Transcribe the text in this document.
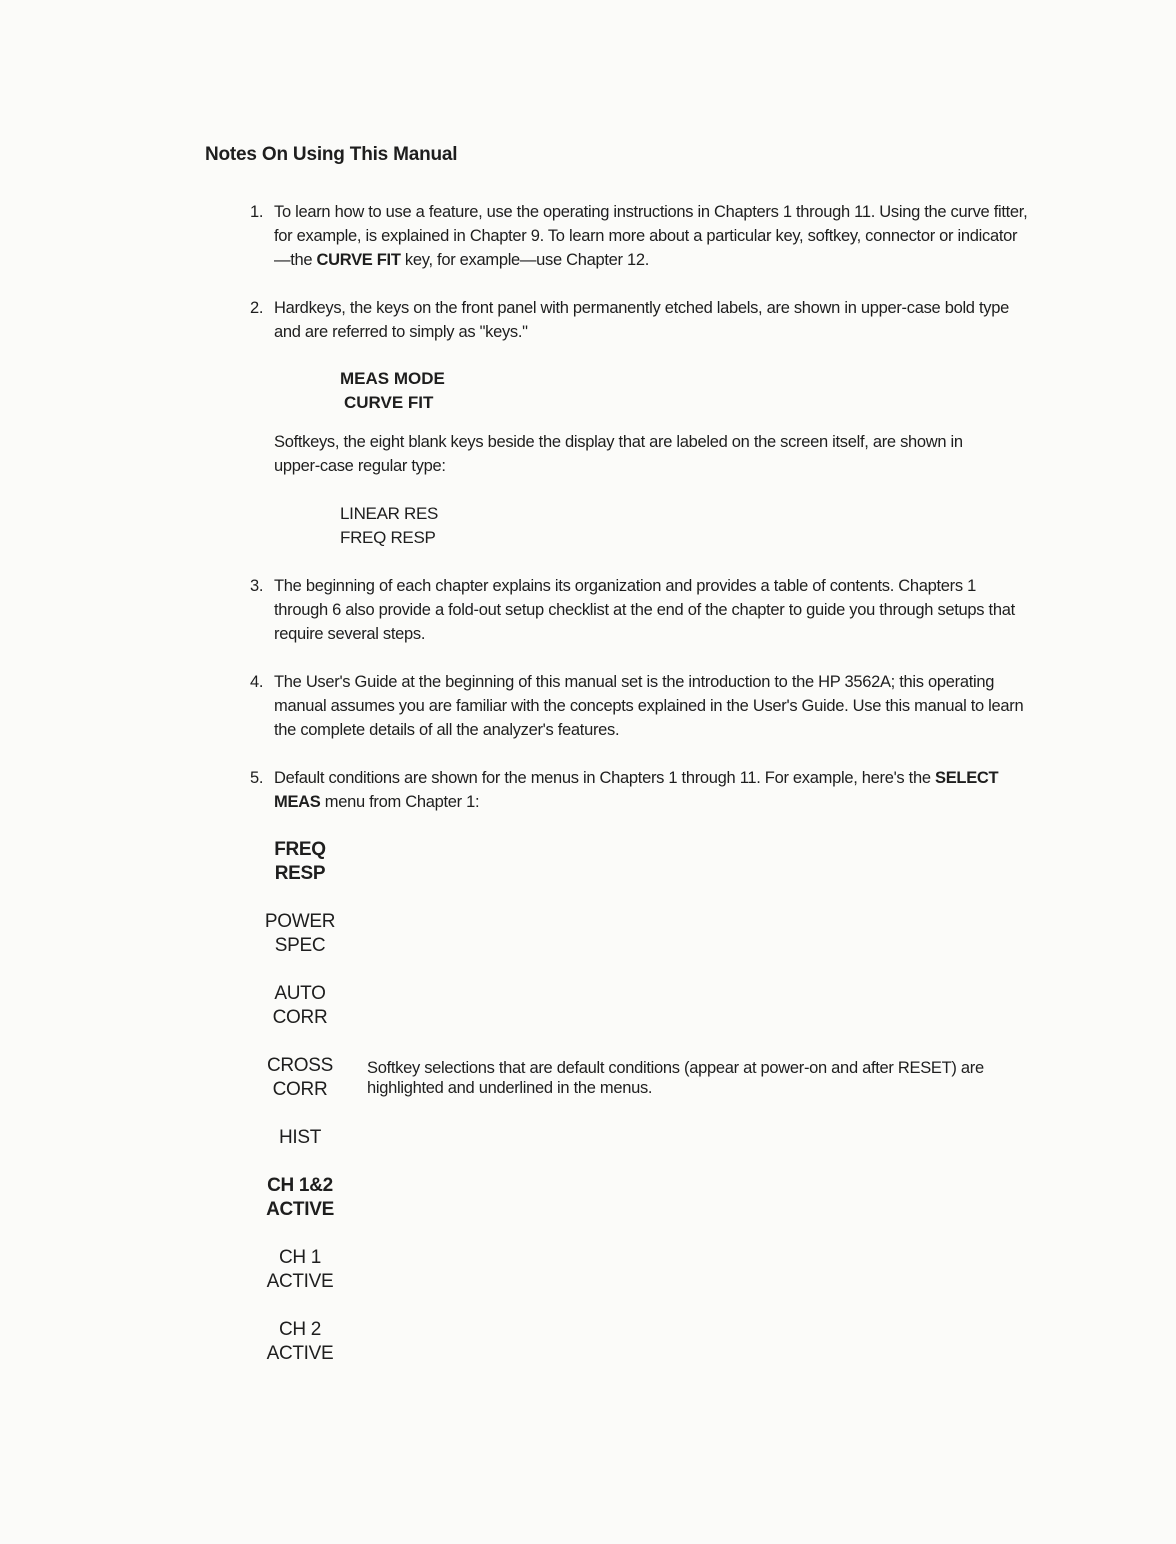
Notes On Using This Manual
1. To learn how to use a feature, use the operating instructions in Chapters 1 through 11. Using the curve fitter, for example, is explained in Chapter 9. To learn more about a particular key, softkey, connector or indicator—the CURVE FIT key, for example—use Chapter 12.
2. Hardkeys, the keys on the front panel with permanently etched labels, are shown in upper-case bold type and are referred to simply as "keys."
MEAS MODE
CURVE FIT
Softkeys, the eight blank keys beside the display that are labeled on the screen itself, are shown in upper-case regular type:
LINEAR RES
FREQ RESP
3. The beginning of each chapter explains its organization and provides a table of contents. Chapters 1 through 6 also provide a fold-out setup checklist at the end of the chapter to guide you through setups that require several steps.
4. The User's Guide at the beginning of this manual set is the introduction to the HP 3562A; this operating manual assumes you are familiar with the concepts explained in the User's Guide. Use this manual to learn the complete details of all the analyzer's features.
5. Default conditions are shown for the menus in Chapters 1 through 11. For example, here's the SELECT MEAS menu from Chapter 1:
FREQ
RESP
POWER
SPEC
AUTO
CORR
CROSS
CORR
HIST
CH 1&2
ACTIVE
CH 1
ACTIVE
CH 2
ACTIVE
Softkey selections that are default conditions (appear at power-on and after RESET) are highlighted and underlined in the menus.
